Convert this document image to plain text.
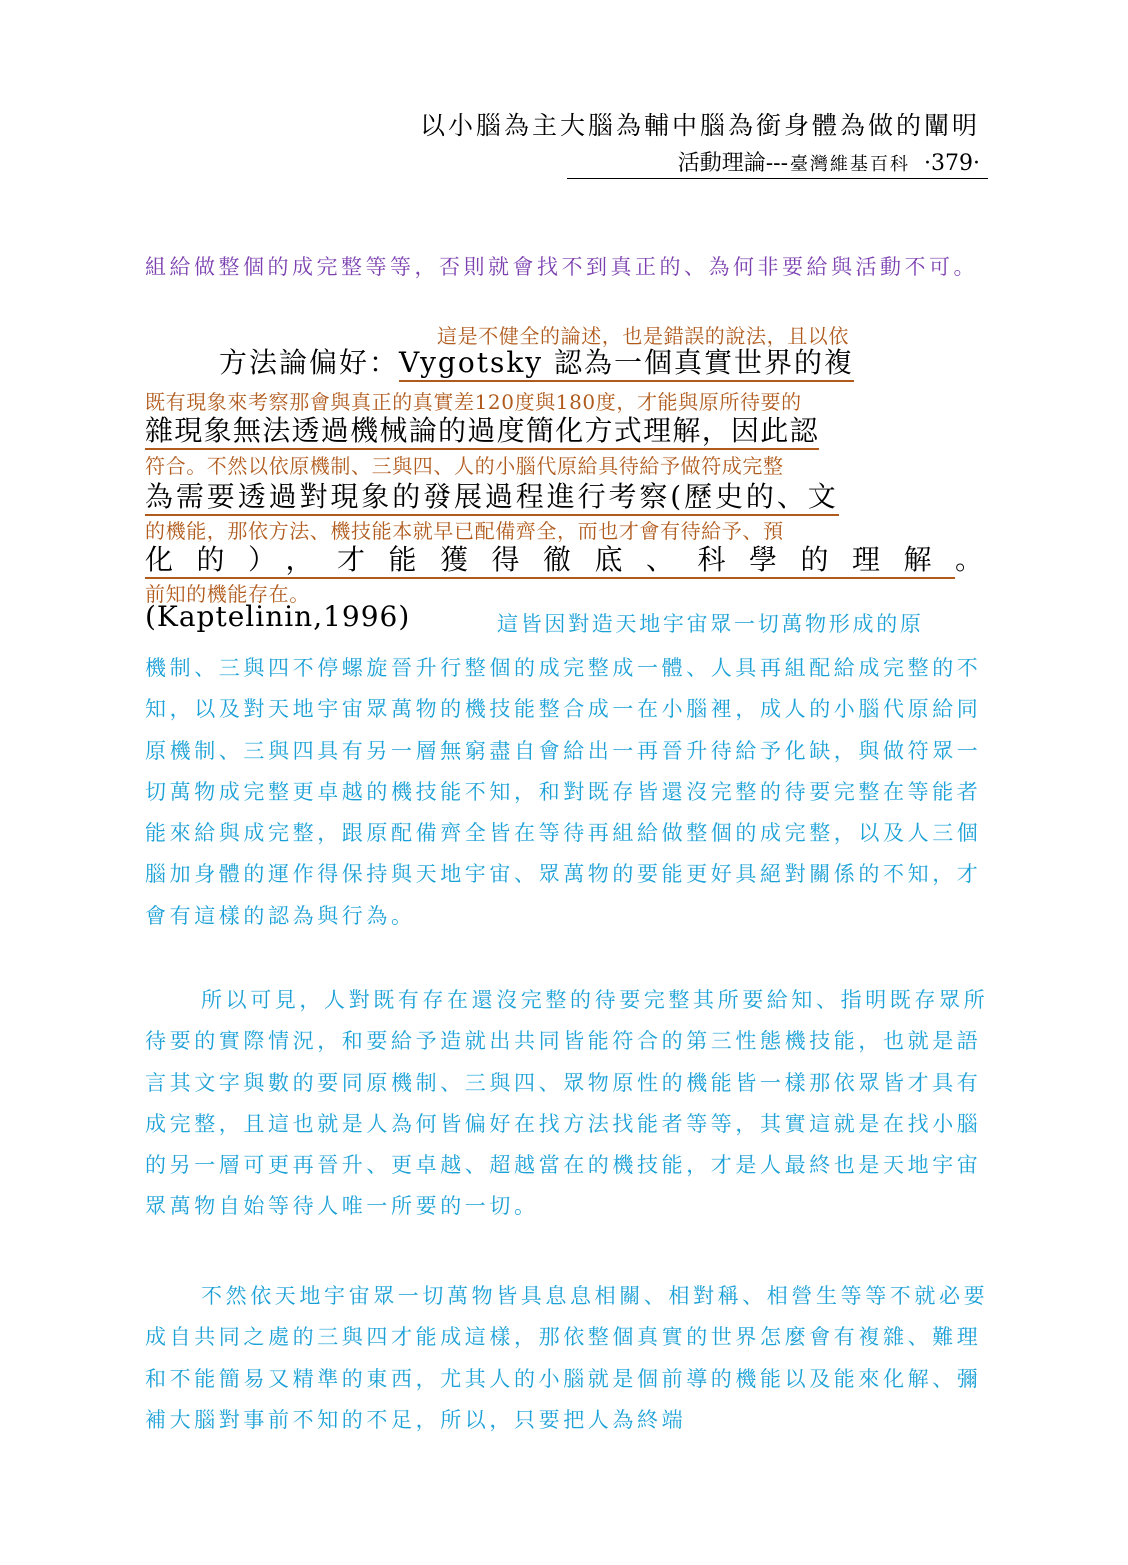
以小腦為主大腦為輔中腦為銜身體為做的闡明
活動理論--- 臺灣維基百科 ·379·
組給做整個的成完整等等，否則就會找不到真正的、為何非要給與活動不可。
這是不健全的論述，也是錯誤的說法，且以依
方法論偏好：Vygotsky 認為一個真實世界的複
既有現象來考察那會與真正的真實差120度與180度，才能與原所待要的
雜現象無法透過機械論的過度簡化方式理解，因此認
符合。不然以依原機制、三與四、人的小腦代原給具待給予做符成完整
為需要透過對現象的發展過程進行考察(歷史的、文
的機能，那依方法、機技能本就早已配備齊全，而也才會有待給予、預
化的），才能獲得徹底、科學的理解。
前知的機能存在。
(Kaptelinin,1996)	這皆因對造天地宇宙眾一切萬物形成的原

機制、三與四不停螺旋晉升行整個的成完整成一體、人具再組配給成完整的不知，以及對天地宇宙眾萬物的機技能整合成一在小腦裡，成人的小腦代原給同原機制、三與四具有另一層無窮盡自會給出一再晉升待給予化缺，與做符眾一切萬物成完整更卓越的機技能不知，和對既存皆還沒完整的待要完整在等能者能來給與成完整，跟原配備齊全皆在等待再組給做整個的成完整，以及人三個腦加身體的運作得保持與天地宇宙、眾萬物的要能更好具絕對關係的不知，才會有這樣的認為與行為。

所以可見，人對既有存在還沒完整的待要完整其所要給知、指明既存眾所待要的實際情況，和要給予造就出共同皆能符合的第三性態機技能，也就是語言其文字與數的要同原機制、三與四、眾物原性的機能皆一樣那依眾皆才具有成完整，且這也就是人為何皆偏好在找方法找能者等等，其實這就是在找小腦的另一層可更再晉升、更卓越、超越當在的機技能，才是人最終也是天地宇宙眾萬物自始等待人唯一所要的一切。

不然依天地宇宙眾一切萬物皆具息息相關、相對稱、相營生等等不就必要成自共同之處的三與四才能成這樣，那依整個真實的世界怎麼會有複雜、難理和不能簡易又精準的東西，尤其人的小腦就是個前導的機能以及能來化解、彌補大腦對事前不知的不足，所以，只要把人為終端
